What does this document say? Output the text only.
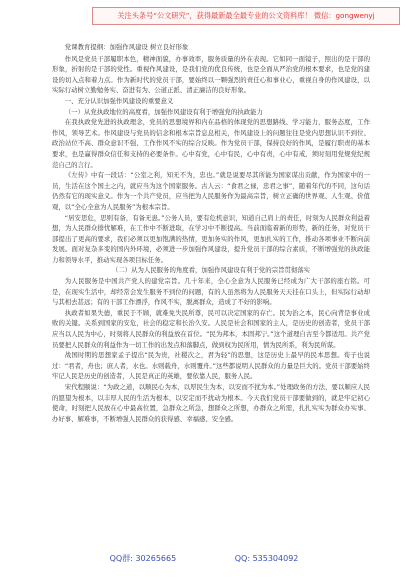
关注头条号“公文研究”，获得最新最全最专业的公文资料库！ 微信：gongwenyj

党课教育提纲：加强作风建设 树立良好形象

作风是党员干部履职本色，精神面貌，办事效率，服务质量的外在表现。它如同一面镜子，照出的是干部的形象，折射的是干部的党性。重视作风建设，是我们党的优良传统，也是全面从严治党的根本要求，也是党的建设的切入点和着力点。作为新时代的党员干部，要始终以一颗强烈的责任心和事业心，重视自身的作风建设，以实际行动树立勤勉务实、奋进有为、公道正派、清正廉洁的良好形象。

一、充分认识加强作风建设的重要意义

（一）从党执政地位的高度看，加强作风建设有利于增强党的执政能力

在我执政党先进的执政理念，党员的思想境界和内在品格的体现党的思想路线、学习能力，服务态度，工作作风，领导艺术。作风建设与党员的信念和根本宗旨息息相关，作风建设上的问题往往是党内思想认识不到位、政治站位不高、群众意识不强、工作作风不实的综合反映。作为党员干部，保持良好的作风，是履行职责的基本要求，也是赢得群众信任和支持的必要条件。心中有党，心中有民，心中有责，心中有戒，须时刻用党规党纪规范自己的言行。

《左传》中有一段话：“公室之利，知无不为，忠也。”就是说要尽其所能为国家谋出贡献，作为国家中的一员，生活在这个国土之内，就应当为这个国家服务。古人云：“食君之禄，忠君之事”，随着年代的不同，这句话仍然有它的现实意义。作为一个共产党员，应当把为人民服务作为最高宗旨，树立正确的世界观、人生观、价值观，以“全心全意为人民服务”为根本宗旨。

“居安思危，思则有备，有备无患。”公务人员，要有危机意识，知道自己肩上的责任，时刻为人民群众利益着想，为人民群众排忧解难，在工作中不断进取，在学习中不断提高。当前面临着新的形势，新的任务，对党员干部提出了更高的要求，我们必须以更加饱满的热情，更加务实的作风，更加扎实的工作，推动各项事业不断向前发展。面对复杂多变的国内外环境，必须进一步加强作风建设，提升党员干部的综合素质，不断增强党的执政能力和领导水平，推动实现各项目标任务。

（二）从为人民服务的角度看，加强作风建设有利于党的宗旨贯彻落实

为人民服务是中国共产党人的建党宗旨。几十年来，全心全意为人民服务已经成为广大干部的座右铭。可是，在现实生活中，却经常会发生服务不到位的问题，有的人虽然将为人民服务天天挂在口头上，但实际行动却与其相去甚远；有的干部工作漂浮，作风不实，脱离群众，造成了不好的影响。

执政者如果失德，重民于不顾，就难免失民所尊，民可以决定国家的存亡。民为治之本，民心向背是事业成败的关键。关系到国家的安危，社会的稳定和长治久安。人民是社会和国家的主人，是历史的创造者，党员干部应当以人民为中心，时刻将人民群众的利益放在首位。“民为邦本，本固邦宁。”这个道理自古至今都适用。共产党员要把人民群众的利益作为一切工作的出发点和落脚点，做到权为民所用，情为民所系，利为民所谋。

战国时期的思想家孟子提出“民为贵，社稷次之，君为轻”的思想，这是历史上最早的民本思想。荀子也说过：“君者，舟也；庶人者，水也。水则载舟，水则覆舟。”这些都说明人民群众的力量是巨大的。党员干部要始终牢记人民是历史的创造者，人民是真正的英雄，要依靠人民，服务人民。

宋代程颐说：“为政之道，以顺民心为本，以厚民生为本，以安而不扰为本。”处理政务的方法，要以顺应人民的愿望为根本，以丰厚人民的生活为根本，以安定而不扰动为根本。今天我们党员干部要做到的，就是牢记初心使命，时刻把人民放在心中最高位置，急群众之所急，想群众之所想，办群众之所需，扎扎实实为群众办实事、办好事、解难事，不断增强人民群众的获得感、幸福感、安全感。

QQ群: 30265665	QQ: 535304092
